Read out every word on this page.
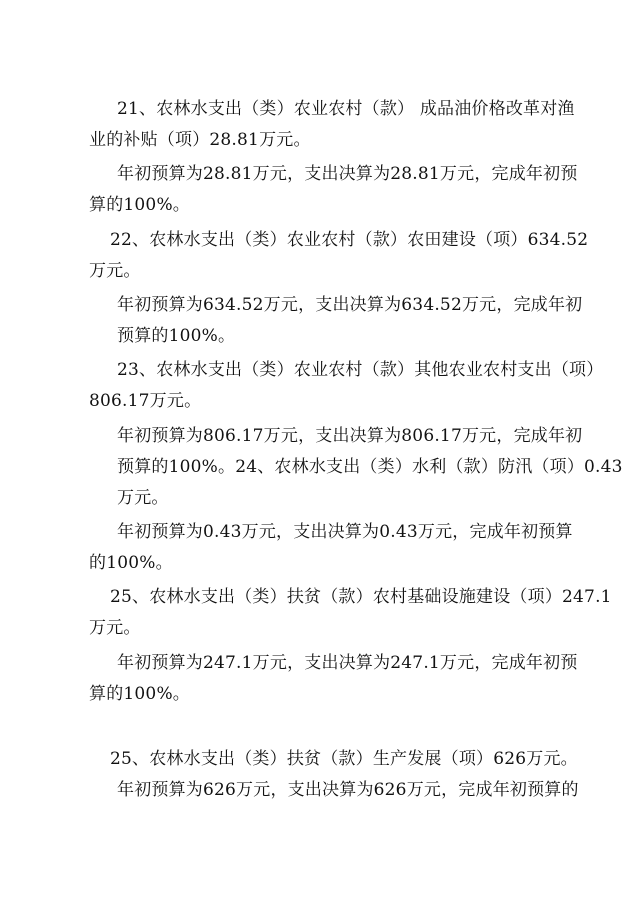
21、农林水支出（类）农业农村（款） 成品油价格改革对渔
业的补贴（项）28.81万元。
年初预算为28.81万元，支出决算为28.81万元，完成年初预
算的100%。
22、农林水支出（类）农业农村（款）农田建设（项）634.52
万元。
年初预算为634.52万元，支出决算为634.52万元，完成年初
预算的100%。
23、农林水支出（类）农业农村（款）其他农业农村支出（项）
806.17万元。
年初预算为806.17万元，支出决算为806.17万元，完成年初
预算的100%。24、农林水支出（类）水利（款）防汛（项）0.43
万元。
年初预算为0.43万元，支出决算为0.43万元，完成年初预算
的100%。
25、农林水支出（类）扶贫（款）农村基础设施建设（项）247.1
万元。
年初预算为247.1万元，支出决算为247.1万元，完成年初预
算的100%。
25、农林水支出（类）扶贫（款）生产发展（项）626万元。
年初预算为626万元，支出决算为626万元，完成年初预算的
